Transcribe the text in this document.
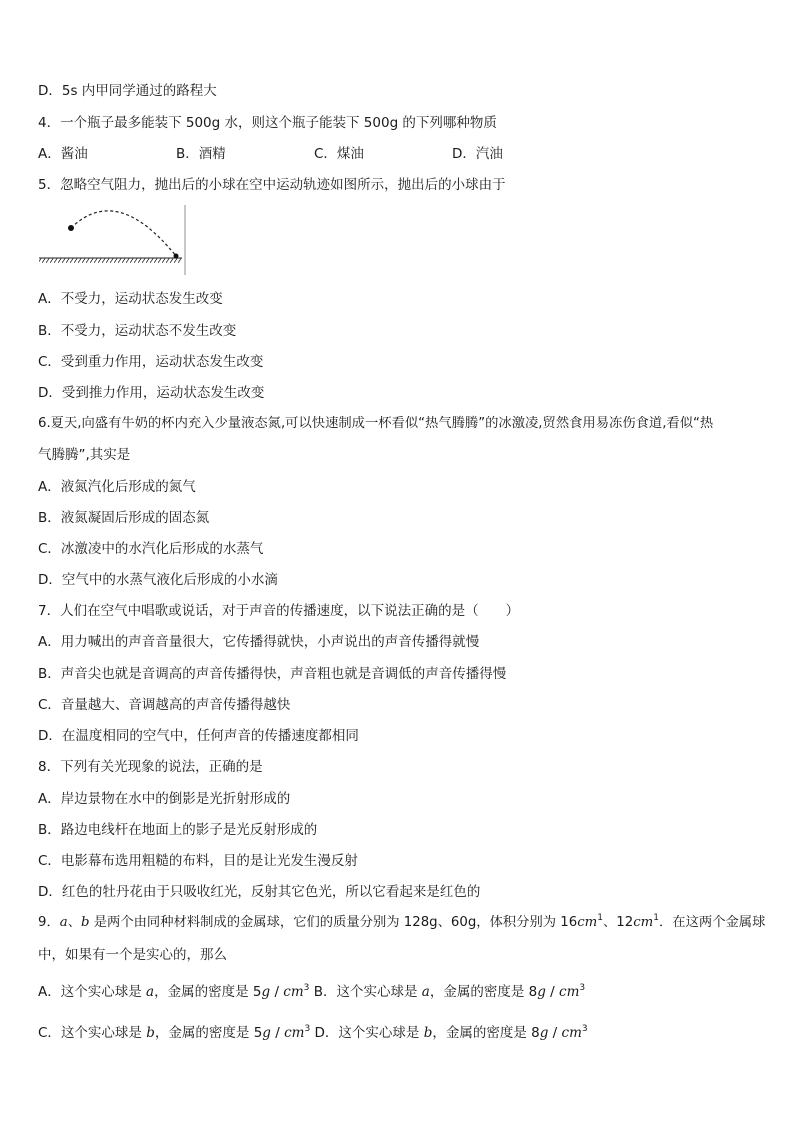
D．5s 内甲同学通过的路程大
4．一个瓶子最多能装下 500g 水，则这个瓶子能装下 500g 的下列哪种物质
A．酱油	B．酒精	C．煤油	D．汽油
5．忽略空气阻力，抛出后的小球在空中运动轨迹如图所示，抛出后的小球由于
A．不受力，运动状态发生改变
B．不受力，运动状态不发生改变
C．受到重力作用，运动状态发生改变
D．受到推力作用，运动状态发生改变
6.夏天,向盛有牛奶的杯内充入少量液态氮,可以快速制成一杯看似“热气腾腾”的冰激凌,贸然食用易冻伤食道,看似“热
气腾腾”,其实是
A．液氮汽化后形成的氮气
B．液氮凝固后形成的固态氮
C．冰激凌中的水汽化后形成的水蒸气
D．空气中的水蒸气液化后形成的小水滴
7．人们在空气中唱歌或说话，对于声音的传播速度，以下说法正确的是（　　）
A．用力喊出的声音音量很大，它传播得就快，小声说出的声音传播得就慢
B．声音尖也就是音调高的声音传播得快，声音粗也就是音调低的声音传播得慢
C．音量越大、音调越高的声音传播得越快
D．在温度相同的空气中，任何声音的传播速度都相同
8．下列有关光现象的说法，正确的是
A．岸边景物在水中的倒影是光折射形成的
B．路边电线杆在地面上的影子是光反射形成的
C．电影幕布选用粗糙的布料，目的是让光发生漫反射
D．红色的牡丹花由于只吸收红光，反射其它色光，所以它看起来是红色的
9．a、b 是两个由同种材料制成的金属球，它们的质量分别为 128g、60g，体积分别为 $16cm^1$、$12cm^1$．在这两个金属球
中，如果有一个是实心的，那么
A．这个实心球是 a，金属的密度是 $5g / cm^3$ B．这个实心球是 a，金属的密度是 $8g / cm^3$
C．这个实心球是 b，金属的密度是 $5g / cm^3$ D．这个实心球是 b，金属的密度是 $8g / cm^3$
